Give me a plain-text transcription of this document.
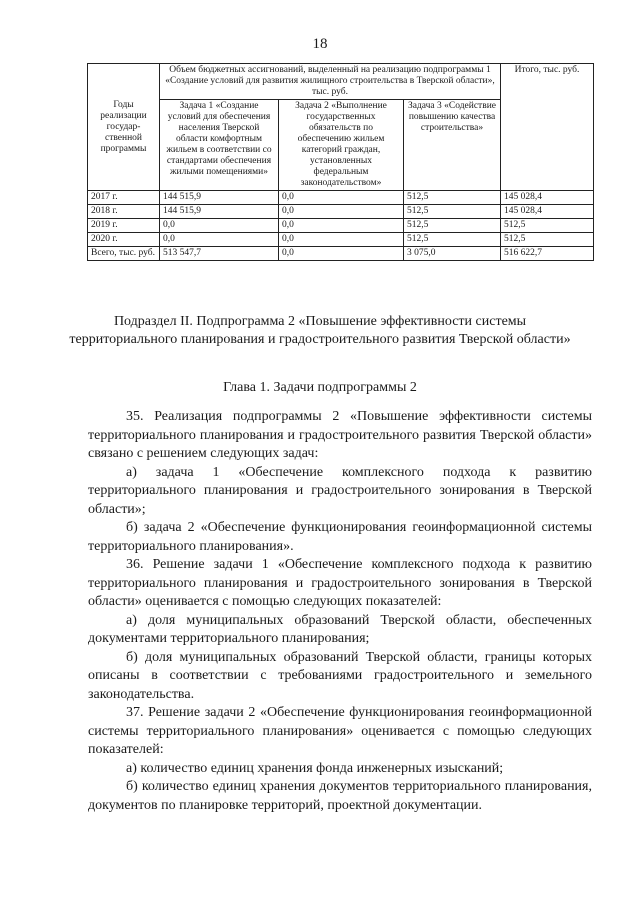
18
Годы реализации государ-ственной программы	Объем бюджетных ассигнований, выделенный на реализацию подпрограммы 1 «Создание условий для развития жилищного строительства в Тверской области», тыс. руб.			Итого, тыс. руб.
	Задача 1 «Создание условий для обеспечения населения Тверской области комфортным жильем в соответствии со стандартами обеспечения жилыми помещениями»	Задача 2 «Выполнение государственных обязательств по обеспечению жильем категорий граждан, установленных федеральным законодательством»	Задача 3 «Содействие повышению качества строительства»	
2017 г.	144 515,9	0,0	512,5	145 028,4
2018 г.	144 515,9	0,0	512,5	145 028,4
2019 г.	0,0	0,0	512,5	512,5
2020 г.	0,0	0,0	512,5	512,5
Всего, тыс. руб.	513 547,7	0,0	3 075,0	516 622,7
Подраздел II. Подпрограмма 2 «Повышение эффективности системы территориального планирования и градостроительного развития Тверской области»
Глава 1. Задачи подпрограммы 2

35. Реализация подпрограммы 2 «Повышение эффективности системы территориального планирования и градостроительного развития Тверской области» связано с решением следующих задач:

а) задача 1 «Обеспечение комплексного подхода к развитию территориального планирования и градостроительного зонирования в Тверской области»;

б) задача 2 «Обеспечение функционирования геоинформационной системы территориального планирования».

36. Решение задачи 1 «Обеспечение комплексного подхода к развитию территориального планирования и градостроительного зонирования в Тверской области» оценивается с помощью следующих показателей:

а) доля муниципальных образований Тверской области, обеспеченных документами территориального планирования;

б) доля муниципальных образований Тверской области, границы которых описаны в соответствии с требованиями градостроительного и земельного законодательства.

37. Решение задачи 2 «Обеспечение функционирования геоинформационной системы территориального планирования» оценивается с помощью следующих показателей:

а) количество единиц хранения фонда инженерных изысканий;

б) количество единиц хранения документов территориального планирования, документов по планировке территорий, проектной документации.
